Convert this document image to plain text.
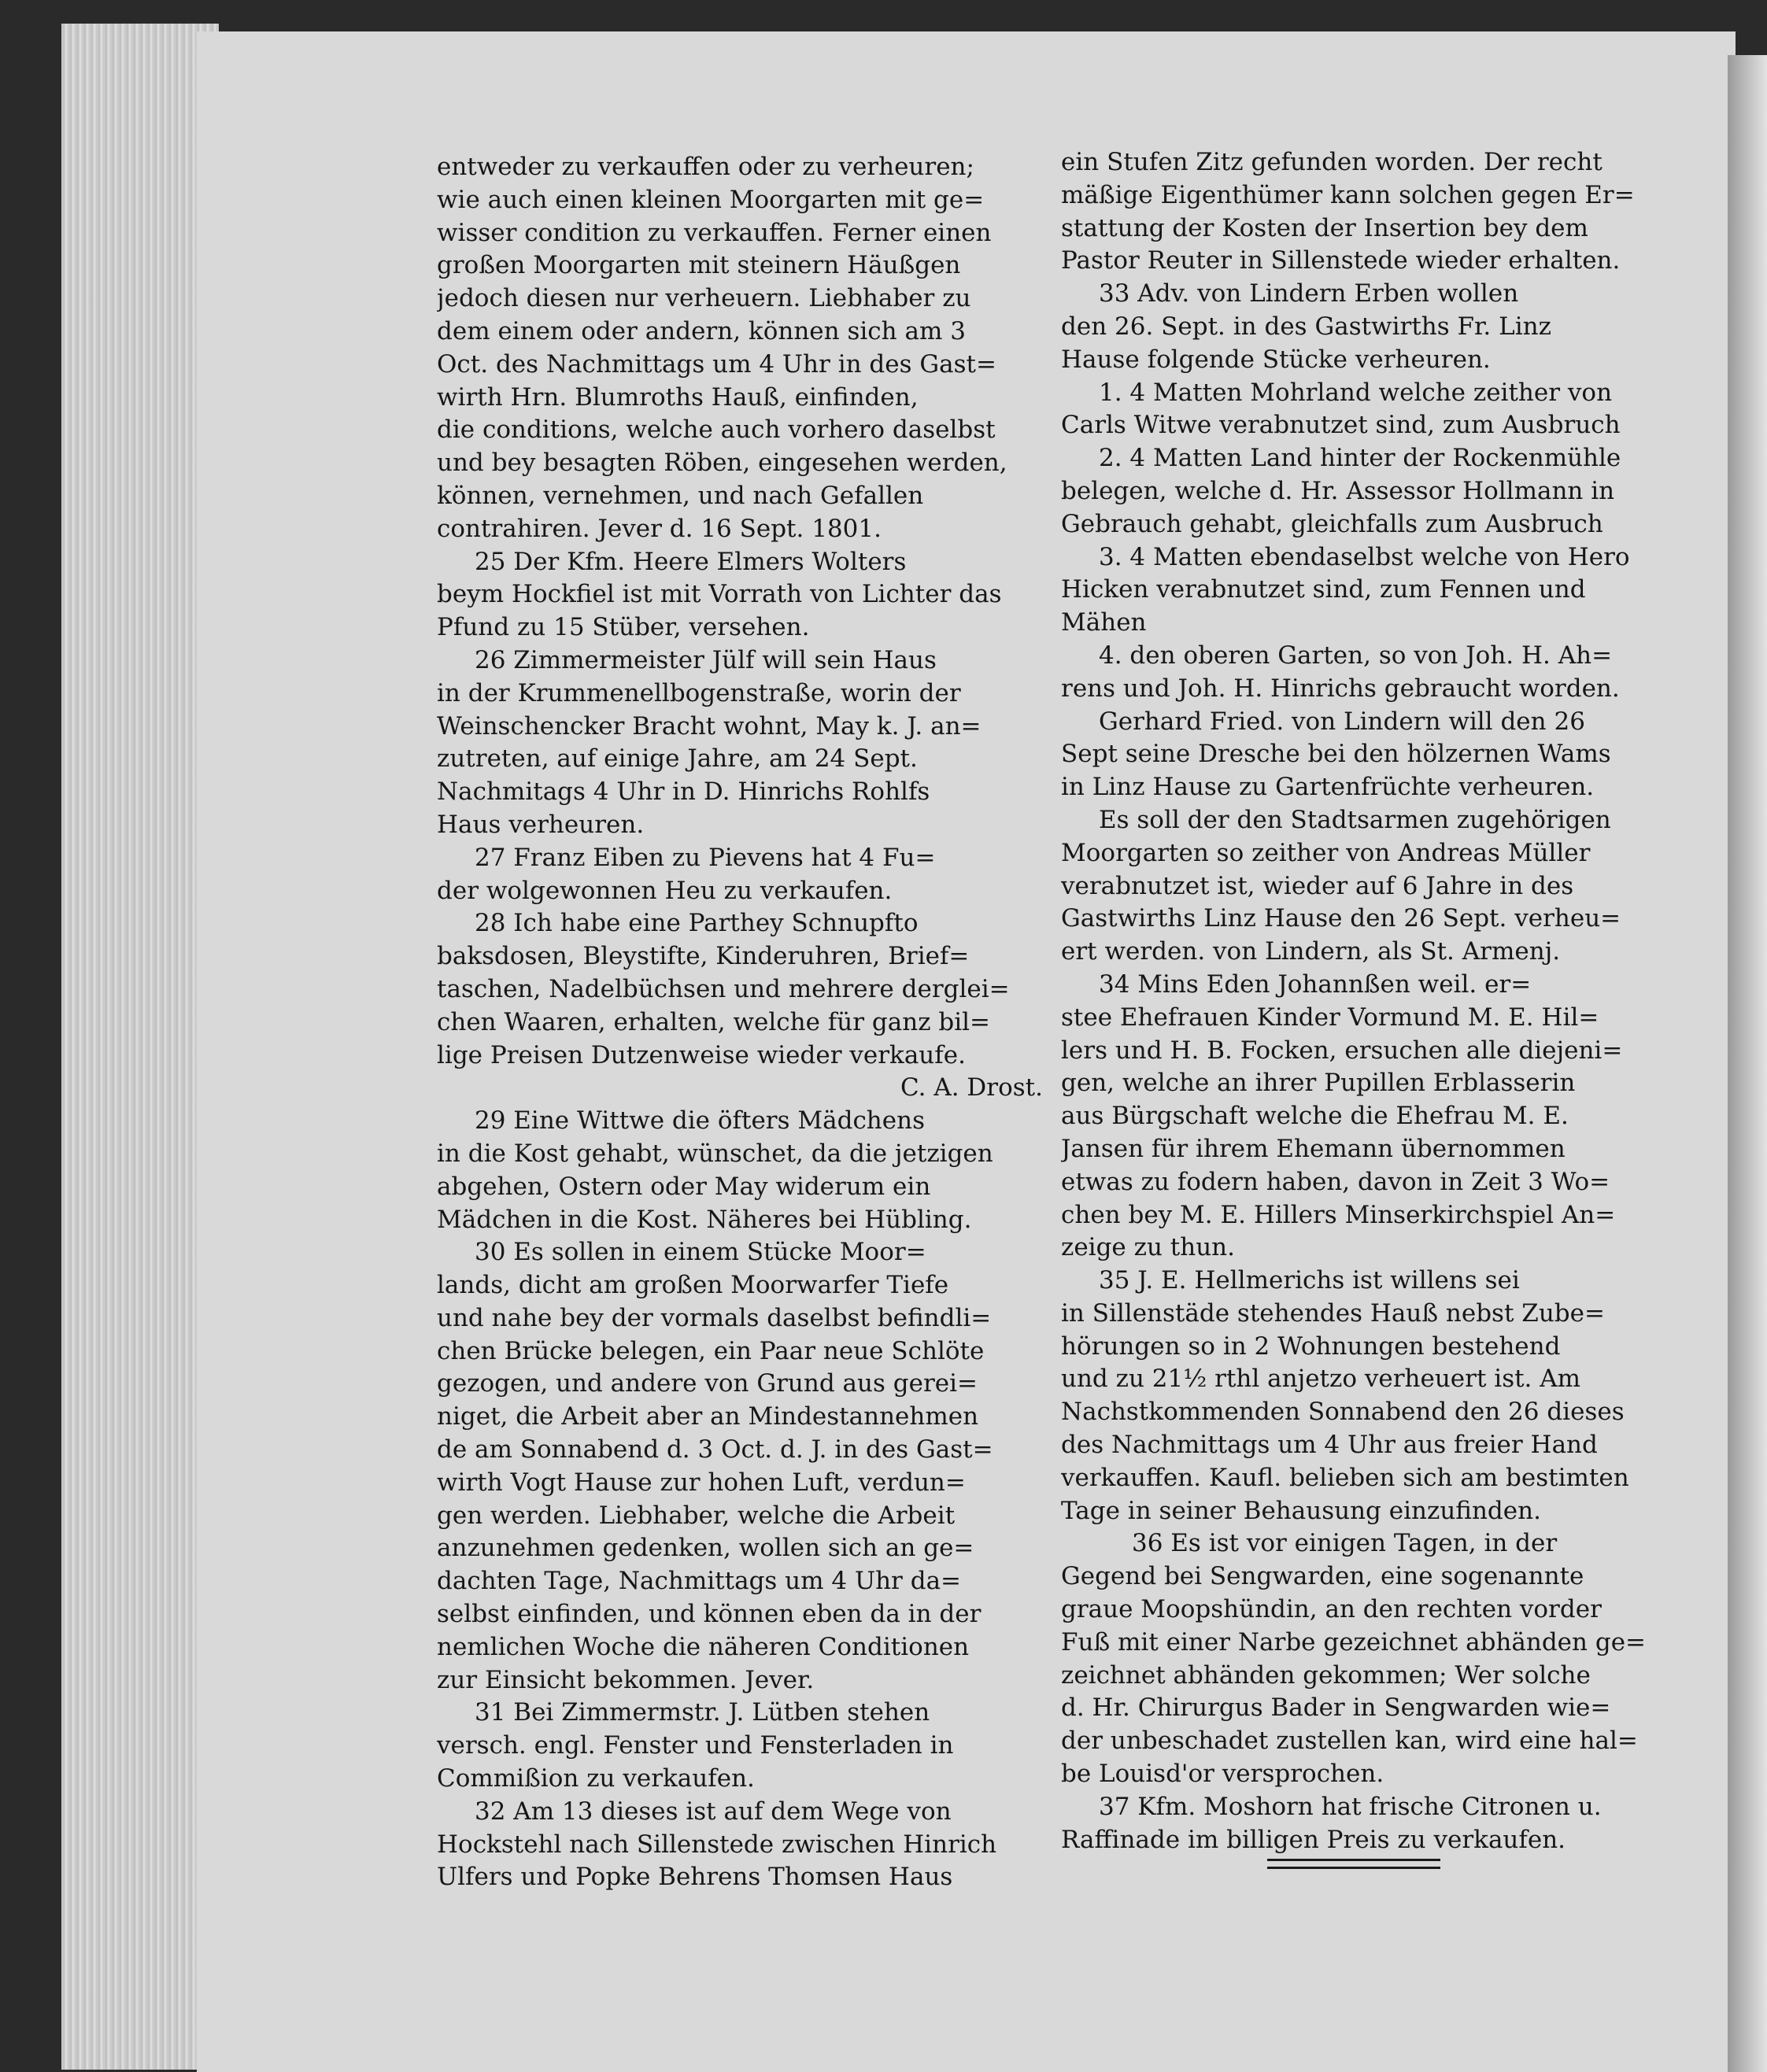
entweder zu verkauffen oder zu verheuren;
wie auch einen kleinen Moorgarten mit ge=
wisser condition zu verkauffen. Ferner einen
großen Moorgarten mit steinern Häußgen
jedoch diesen nur verheuern. Liebhaber zu
dem einem oder andern, können sich am 3
Oct. des Nachmittags um 4 Uhr in des Gast=
wirth Hrn. Blumroths Hauß, einfinden,
die conditions, welche auch vorhero daselbst
und bey besagten Röben, eingesehen werden,
können, vernehmen, und nach Gefallen
contrahiren. Jever d. 16 Sept. 1801.
25 Der Kfm. Heere Elmers Wolters
beym Hockfiel ist mit Vorrath von Lichter das
Pfund zu 15 Stüber, versehen.
26 Zimmermeister Jülf will sein Haus
in der Krummenellbogenstraße, worin der
Weinschencker Bracht wohnt, May k. J. an=
zutreten, auf einige Jahre, am 24 Sept.
Nachmitags 4 Uhr in D. Hinrichs Rohlfs
Haus verheuren.
27 Franz Eiben zu Pievens hat 4 Fu=
der wolgewonnen Heu zu verkaufen.
28 Ich habe eine Parthey Schnupfto
baksdosen, Bleystifte, Kinderuhren, Brief=
taschen, Nadelbüchsen und mehrere derglei=
chen Waaren, erhalten, welche für ganz bil=
lige Preisen Dutzenweise wieder verkaufe.
C. A. Drost.
29 Eine Wittwe die öfters Mädchens
in die Kost gehabt, wünschet, da die jetzigen
abgehen, Ostern oder May widerum ein
Mädchen in die Kost. Näheres bei Hübling.
30 Es sollen in einem Stücke Moor=
lands, dicht am großen Moorwarfer Tiefe
und nahe bey der vormals daselbst befindli=
chen Brücke belegen, ein Paar neue Schlöte
gezogen, und andere von Grund aus gerei=
niget, die Arbeit aber an Mindestannehmen
de am Sonnabend d. 3 Oct. d. J. in des Gast=
wirth Vogt Hause zur hohen Luft, verdun=
gen werden. Liebhaber, welche die Arbeit
anzunehmen gedenken, wollen sich an ge=
dachten Tage, Nachmittags um 4 Uhr da=
selbst einfinden, und können eben da in der
nemlichen Woche die näheren Conditionen
zur Einsicht bekommen. Jever.
31 Bei Zimmermstr. J. Lütben stehen
versch. engl. Fenster und Fensterladen in
Commißion zu verkaufen.
32 Am 13 dieses ist auf dem Wege von
Hockstehl nach Sillenstede zwischen Hinrich
Ulfers und Popke Behrens Thomsen Haus
ein Stufen Zitz gefunden worden. Der recht
mäßige Eigenthümer kann solchen gegen Er=
stattung der Kosten der Insertion bey dem
Pastor Reuter in Sillenstede wieder erhalten.
33 Adv. von Lindern Erben wollen
den 26. Sept. in des Gastwirths Fr. Linz
Hause folgende Stücke verheuren.
1. 4 Matten Mohrland welche zeither von
Carls Witwe verabnutzet sind, zum Ausbruch
2. 4 Matten Land hinter der Rockenmühle
belegen, welche d. Hr. Assessor Hollmann in
Gebrauch gehabt, gleichfalls zum Ausbruch
3. 4 Matten ebendaselbst welche von Hero
Hicken verabnutzet sind, zum Fennen und
Mähen
4. den oberen Garten, so von Joh. H. Ah=
rens und Joh. H. Hinrichs gebraucht worden.
Gerhard Fried. von Lindern will den 26
Sept seine Dresche bei den hölzernen Wams
in Linz Hause zu Gartenfrüchte verheuren.
Es soll der den Stadtsarmen zugehörigen
Moorgarten so zeither von Andreas Müller
verabnutzet ist, wieder auf 6 Jahre in des
Gastwirths Linz Hause den 26 Sept. verheu=
ert werden. von Lindern, als St. Armenj.
34 Mins Eden Johannßen weil. er=
stee Ehefrauen Kinder Vormund M. E. Hil=
lers und H. B. Focken, ersuchen alle diejeni=
gen, welche an ihrer Pupillen Erblasserin
aus Bürgschaft welche die Ehefrau M. E.
Jansen für ihrem Ehemann übernommen
etwas zu fodern haben, davon in Zeit 3 Wo=
chen bey M. E. Hillers Minserkirchspiel An=
zeige zu thun.
35 J. E. Hellmerichs ist willens sei
in Sillenstäde stehendes Hauß nebst Zube=
hörungen so in 2 Wohnungen bestehend
und zu 21½ rthl anjetzo verheuert ist. Am
Nachstkommenden Sonnabend den 26 dieses
des Nachmittags um 4 Uhr aus freier Hand
verkauffen. Kaufl. belieben sich am bestimten
Tage in seiner Behausung einzufinden.
36 Es ist vor einigen Tagen, in der
Gegend bei Sengwarden, eine sogenannte
graue Moopshündin, an den rechten vorder
Fuß mit einer Narbe gezeichnet abhänden ge=
zeichnet abhänden gekommen; Wer solche
d. Hr. Chirurgus Bader in Sengwarden wie=
der unbeschadet zustellen kan, wird eine hal=
be Louisd'or versprochen.
37 Kfm. Moshorn hat frische Citronen u.
Raffinade im billigen Preis zu verkaufen.
